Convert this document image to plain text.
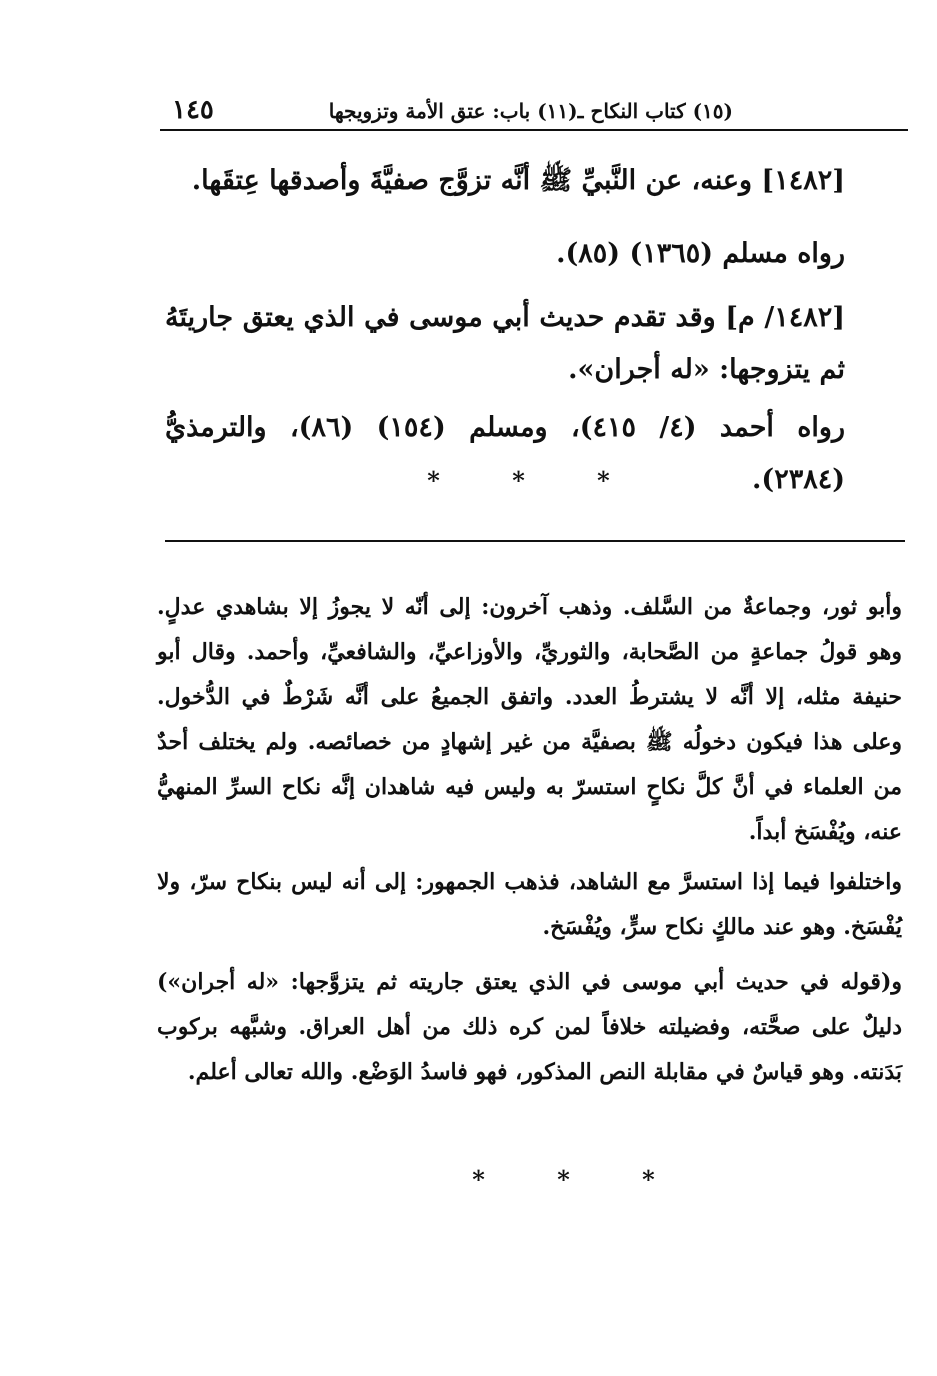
١٤٥	(١٥) كتاب النكاح ـ(١١) باب: عتق الأمة وتزويجها
[١٤٨٢] وعنه، عن النَّبيِّ ﷺ أنَّه تزوَّج صفيَّةَ وأصدقها عِتقَها.
رواه مسلم (١٣٦٥) (٨٥).
[١٤٨٢/ م] وقد تقدم حديث أبي موسى في الذي يعتق جاريتَهُ ثم يتزوجها: «له أجران».
رواه أحمد (٤/ ٤١٥)، ومسلم (١٥٤) (٨٦)، والترمذيُّ (٢٣٨٤).
*	*	*
وأبو ثور، وجماعةٌ من السَّلف. وذهب آخرون: إلى أنّه لا يجوزُ إلا بشاهدي عدلٍ. وهو قولُ جماعةٍ من الصَّحابة، والثوريِّ، والأوزاعيِّ، والشافعيِّ، وأحمد. وقال أبو حنيفة مثله، إلا أنَّه لا يشترطُ العدد. واتفق الجميعُ على أنَّه شَرْطٌ في الدُّخول. وعلى هذا فيكون دخولُه ﷺ بصفيَّة من غير إشهادٍ من خصائصه. ولم يختلف أحدٌ من العلماء في أنَّ كلَّ نكاحٍ استسرّ به وليس فيه شاهدان إنَّه نكاح السرِّ المنهيُّ عنه، ويُفْسَخ أبداً.
واختلفوا فيما إذا استسرَّ مع الشاهد، فذهب الجمهور: إلى أنه ليس بنكاح سرّ، ولا يُفْسَخ. وهو عند مالكٍ نكاح سرٍّ، ويُفْسَخ.
و(قوله في حديث أبي موسى في الذي يعتق جاريته ثم يتزوَّجها: «له أجران») دليلٌ على صحَّته، وفضيلته خلافاً لمن كره ذلك من أهل العراق. وشبَّهه بركوب بَدَنته. وهو قياسٌ في مقابلة النص المذكور، فهو فاسدُ الوَضْع. والله تعالى أعلم.
*	*	*
